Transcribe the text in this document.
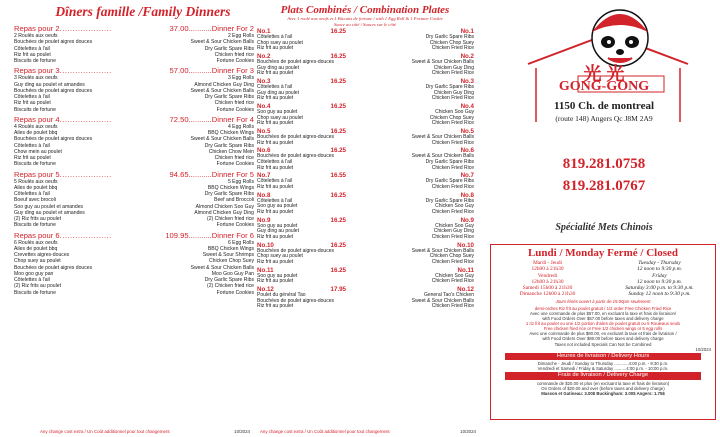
Dîners famille /Family Dinners
Repas pour 2 ....................	37.00 ........... Dinner For 2
2 Roulés aux oeufs	2 Egg Rolls
Bouchées de poulet aigres douces	Sweet & Sour Chicken Balls
Côtelettes à l'ail	Dry Garlic Spare Ribs
Riz frit au poulet	Chicken fried rice
Biscuits de fortune	Fortune Cookies
Repas pour 3 ....................	57.00 ........... Dinner For 3
3 Roulés aux oeufs	3 Egg Rolls
Guy ding au poulet et amandes	Almond Chicken Guy Ding
Bouchées de poulet aigres douces	Sweet & Sour Chicken Balls
Côtelettes à l'ail	Dry Garlic Spare Ribs
Riz frit au poulet	Chicken fried rice
Biscuits de fortune	Fortune Cookies
Repas pour 4 ....................	72.50 ........... Dinner For 4
4 Roulés aux oeufs	4 Egg Rolls
Ailes de poulet bbq	BBQ Chicken Wings
Bouchées de poulet aigres douces	Sweet & Sour Chicken Balls
Côtelettes à l'ail	Dry Garlic Spare Ribs
Chow mein au poulet	Chicken Chow Mein
Riz frit au poulet	Chicken fried rice
Biscuits de fortune	Fortune Cookies
Repas pour 5 ....................	94.65 ........... Dinner For 5
5 Roulés aux oeufs	5 Egg Rolls
Ailes de poulet bbq	BBQ Chicken Wings
Côtelettes à l'ail	Dry Garlic Spare Ribs
Boeuf avec brocoli	Beef and Broccoli
Soo guy au poulet et amandes	Almond Chicken Soo Guy
Guy ding au poulet et amandes	Almond Chicken Guy Ding
(2) Riz frits au poulet	(2) Chicken fried rice
Biscuits de fortune	Fortune Cookies
Repas pour 6 ....................	109.95 ........... Dinner For 6
6 Roulés aux oeufs	6 Egg Rolls
Ailes de poulet bbq	BBQ Chicken Wings
Crevettes aigres-douces	Sweet & Sour Shrimps
Chop suey au poulet	Chicken Chop Suey
Bouchées de poulet aigres douces	Sweet & Sour Chicken Balls
Moo goo guy pan	Moo Goo Guy Pan
Côtelettes à l'ail	Dry Garlic Spare Ribs
(2) Riz frits au poulet	(2) Chicken fried rice
Biscuits de fortune	Fortune Cookies
Any change cost extra / Un Coût additionnel pour tout changement	10/2024
Plats Combinés / Combination Plates
Avec 1 roulé aux oeufs et 1 Biscuits de fortune / with 1 Egg Roll & 1 Fortune Cookie
Sauce au côté / Sauces sur le côté
No.1	16.25	No.1
Côtelettes à l'ail	Dry Garlic Spare Ribs
Chop suey au poulet	Chicken Chop Suey
Riz frit au poulet	Chicken Fried Rice
No.2	16.25	No.2
Bouchées de poulet aigres-douces	Sweet & Sour Chicken Balls
Guy ding au poulet	Chicken Guy Ding
Riz frit au poulet	Chicken Fried Rice
No.3	16.25	No.3
Côtelettes à l'ail	Dry Garlic Spare Ribs
Guy ding au poulet	Chicken Guy Ding
Riz frit au poulet	Chicken Fried Rice
No.4	16.25	No.4
Soo guy au poulet	Chicken Soo Guy
Chop suey au poulet	Chicken Chop Suey
Riz frit au poulet	Chicken Fried Rice
No.5	16.25	No.5
Bouchées de poulet aigres-douces	Sweet & Sour Chicken Balls
Riz frit au poulet	Chicken Fried Rice
No.6	16.25	No.6
Bouchées de poulet aigres-douces	Sweet & Sour Chicken Balls
Côtelettes à l'ail	Dry Garlic Spare Ribs
Riz frit au poulet	Chicken Fried Rice
No.7	16.55	No.7
Côtelettes à l'ail	Dry Garlic Spare Ribs
Riz frit au poulet	Chicken Fried Rice
No.8	16.25	No.8
Côtelettes à l'ail	Dry Garlic Spare Ribs
Soo guy au poulet	Chicken Soo Guy
Riz frit au poulet	Chicken Fried Rice
No.9	16.25	No.9
Soo guy au poulet	Chicken Soo Guy
Guy ding au poulet	Chicken Guy Ding
Riz frit au poulet	Chicken Fried Rice
No.10	16.25	No.10
Bouchées de poulet aigres-douces	Sweet & Sour Chicken Balls
Chop suey au poulet	Chicken Chop Suey
Riz frit au poulet	Chicken Fried Rice
No.11	16.25	No.11
Soo guy au poulet	Chicken Soo Guy
Riz frit au poulet	Chicken Fried Rice
No.12	17.95	No.12
Poulet du général Tao	General Tao's Chicken
Bouchées de poulet aigres-douces	Sweet & Sour Chicken Balls
Riz frit au poulet	Chicken Fried Rice
Any change cost extra / Un Coût additionnel pour tout changement	10/2024
光 光
GONG-GONG
1150 Ch. de montreal
(route 148) Angers Qc J8M 2A9
819.281.0758
819.281.0767
Spécialité Mets Chinois
Lundi / Monday Fermé / Closed
Mardi - Jeudi	Tuesday - Thursday
12h00 à 21h30	12 noon to 9:30 p.m.
Vendredi	Friday
12h00 à 21h30	12 noon to 9:30 p.m.
Samedi 15h00 à 21h30	Saturday 3:00 p.m. to 9:30 p.m.
Dimanche 12h00 à 21h30	Sunday 12 noon to 9:30 p.m.
Jours fériés ouvert à partir de 15:00pm seulement
demi-ordres Riz frit au poulet gratuit / 1/2 order Free Chicken Fried Rice
Avec une commande de plus $57.00, en excluant la taxe et frais de livraison/
with Food Orders Over $57.00 before taxes and delivery charge
1 riz frit au poulet ou une 1/2 portion d'ailes de poulet gratuit ou 5 Rouleaux seuls
Free chicken fried rice or Free 1/2 chicken wings or 5 egg rolls
Avec une commande de plus $80.00, en excluant la taxe et frais de livraison /
with Food Orders Over $80.00 before taxes and delivery charge
Taxes not included Specials Can Not be Combined
10/2024
Heures de livraison / Delivery Hours
Dimanche - Jeudi / Sunday to Thursday ............4:00 p.m. - 9:30 p.m.
Vendredi et Samedi / Friday & Saturday ..........4:00 p.m. - 10:00 p.m.
Frais de livraison / Delivery Charge
commande de $20.00 et plus (en excluant la taxe et frais de livraison)
On Orders of $20.00 and over (before taxes and delivery charge)
Masson et Gatineau: 3.00$ Buckingham: 3.00$ Angers: 1.75$
